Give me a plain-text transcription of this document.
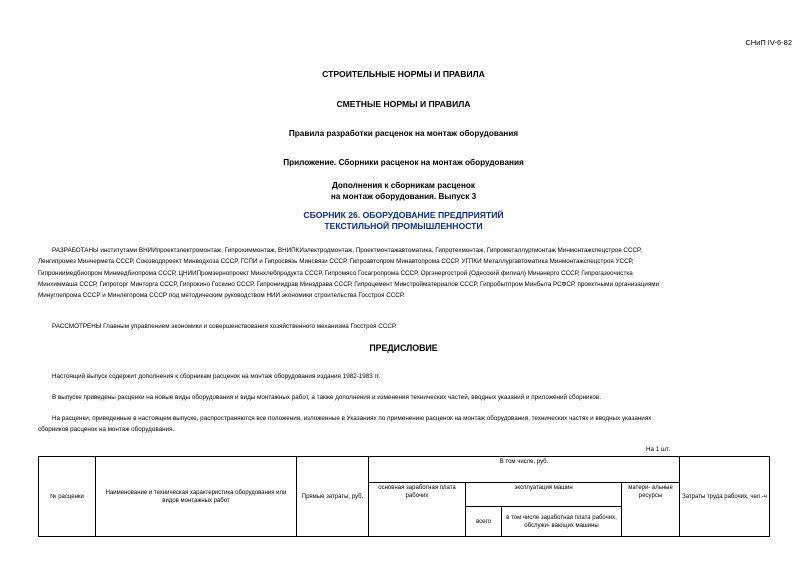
СНиП IV-6-82
СТРОИТЕЛЬНЫЕ НОРМЫ И ПРАВИЛА
СМЕТНЫЕ НОРМЫ И ПРАВИЛА
Правила разработки расценок на монтаж оборудования
Приложение. Сборники расценок на монтаж оборудования
Дополнения к сборникам расценок
на монтаж оборудования. Выпуск 3
СБОРНИК 26. ОБОРУДОВАНИЕ ПРЕДПРИЯТИЙ
ТЕКСТИЛЬНОЙ ПРОМЫШЛЕННОСТИ
РАЗРАБОТАНЫ институтами ВНИИпроектэлектромонтаж, Гипрохиммонтаж, ВНИПКИэлектродмонтаж, Проектмонтажавтоматика, Гипротехмонтаж, Гипрометаллургмонтаж Минмонтажспецстроя СССР,
Ленгипромез Минчермета СССР, Союзводпроект Минводхоза СССР, ГСПИ и Гипросвязь Минсвязи СССР, Гипроавтопром Минавтопрома СССР, УГПКИ Металлургавтоматика Минмонтажспецстроя УССР,
Гипрониимедбиопром Минмедбиопрома СССР, ЦНИИПромзернопроект Минхлебпродукта СССР, Гипромясо Госагропрома СССР, Оргэнергострой (Одесский филиал) Минэнерго СССР, Гипрогазоочистка
Минхиммаша СССР, Гипроторг Минторга СССР, Гипрокино Госкино СССР, Гипрониидрав Минздрава СССР, Гипроцемент Минстройматериалов СССР, Гипробытпром Минбыта РСФСР, проектными организациями
Минуглепрома СССР и Минлегпрома СССР под методическим руководством НИИ экономики строительства Госстроя СССР.
РАССМОТРЕНЫ Главным управлением экономики и совершенствования хозяйственного механизма Госстроя СССР.
ПРЕДИСЛОВИЕ
Настоящий выпуск содержит дополнения к сборникам расценок на монтаж оборудования издания 1982-1983 гг.
В выпуске приведены расценки на новые виды оборудования и виды монтажных работ, а также дополнения и изменения технических частей, вводных указаний и приложений сборников.
На расценки, приведенные в настоящем выпуске, распространяются все положения, изложенные в Указаниях по применению расценок на монтаж оборудования, технических частях и вводных указаниях
сборников расценок на монтаж оборудования.
На 1 шт.
№ расценки	Наименование и техническая характеристика оборудования или видов монтажных работ	Прямые затраты, руб.	В том числе, руб.				Затраты труда рабочих, чел.-ч
			основная заработная плата рабочих	эксплуатация машин		матери- альные ресурсы	
				всего	в том числе заработная плата рабочих, обслужи- вающих машины		
